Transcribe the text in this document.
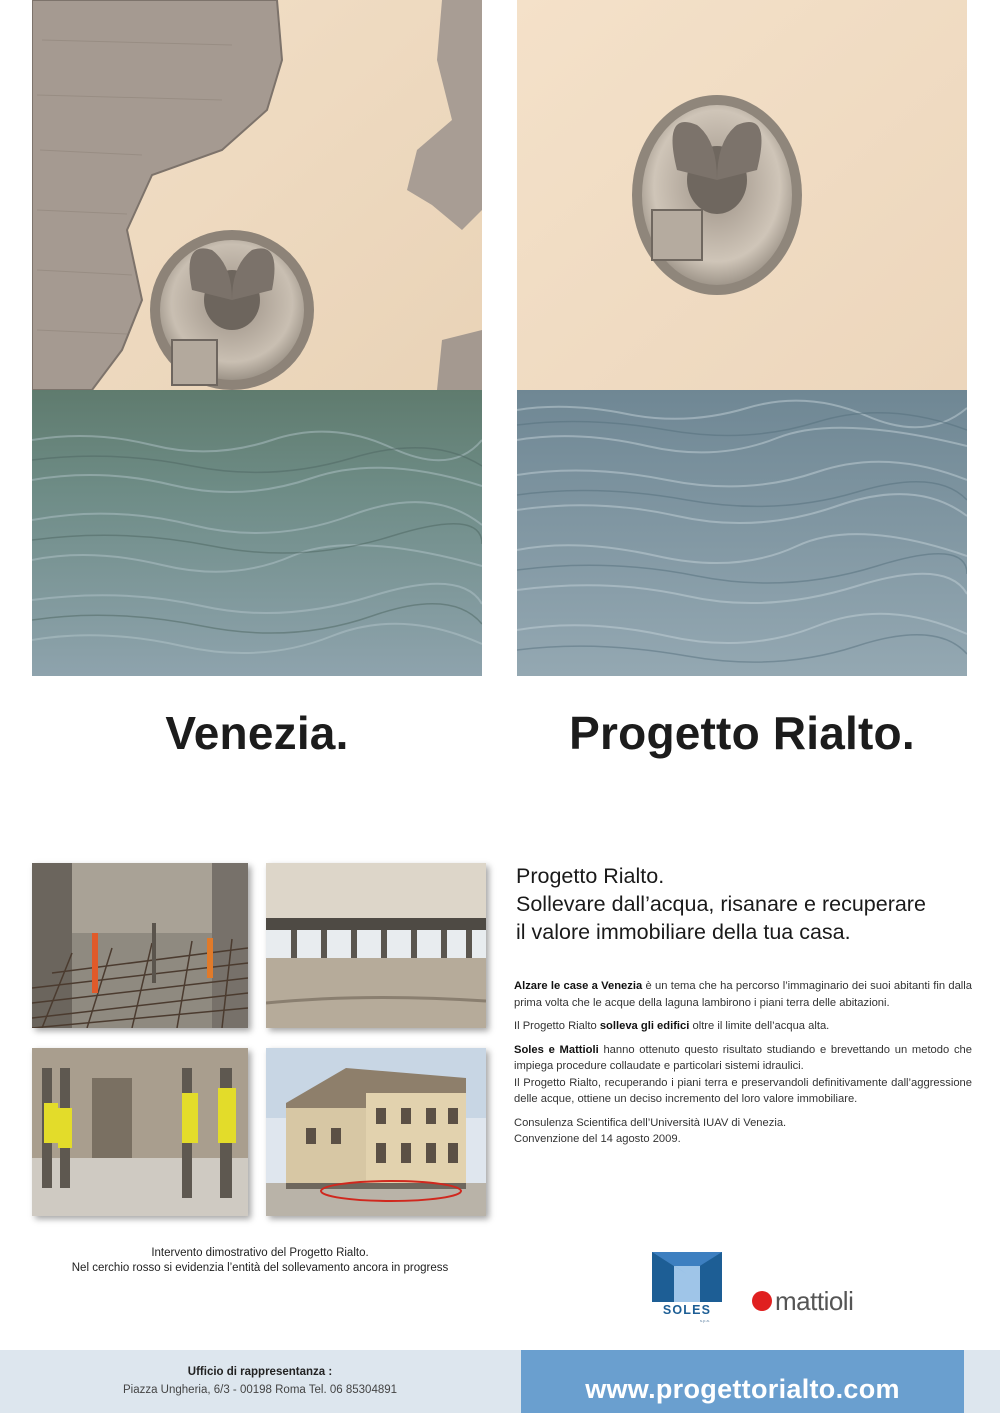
Venezia.	Progetto Rialto.
Intervento dimostrativo del Progetto Rialto.
Nel cerchio rosso si evidenzia l’entità del sollevamento ancora in progress
Progetto Rialto.
Sollevare dall’acqua, risanare e recuperare
il valore immobiliare della tua casa.

Alzare le case a Venezia è un tema che ha percorso l’immaginario dei suoi abitanti fin dalla prima volta che le acque della laguna lambirono i piani terra delle abitazioni.

Il Progetto Rialto solleva gli edifici oltre il limite dell’acqua alta.

Soles e Mattioli hanno ottenuto questo risultato studiando e brevettando un metodo che impiega procedure collaudate e particolari sistemi idraulici.

Il Progetto Rialto, recuperando i piani terra e preservandoli definitivamente dall’aggressione delle acque, ottiene un deciso incremento del loro valore immobiliare.

Consulenza Scientifica dell’Università IUAV di Venezia.
Convenzione del 14 agosto 2009.

SOLES
s.p.a.
mattioli
Ufficio di rappresentanza :
Piazza Ungheria, 6/3 - 00198 Roma Tel. 06 85304891	www.progettorialto.com
